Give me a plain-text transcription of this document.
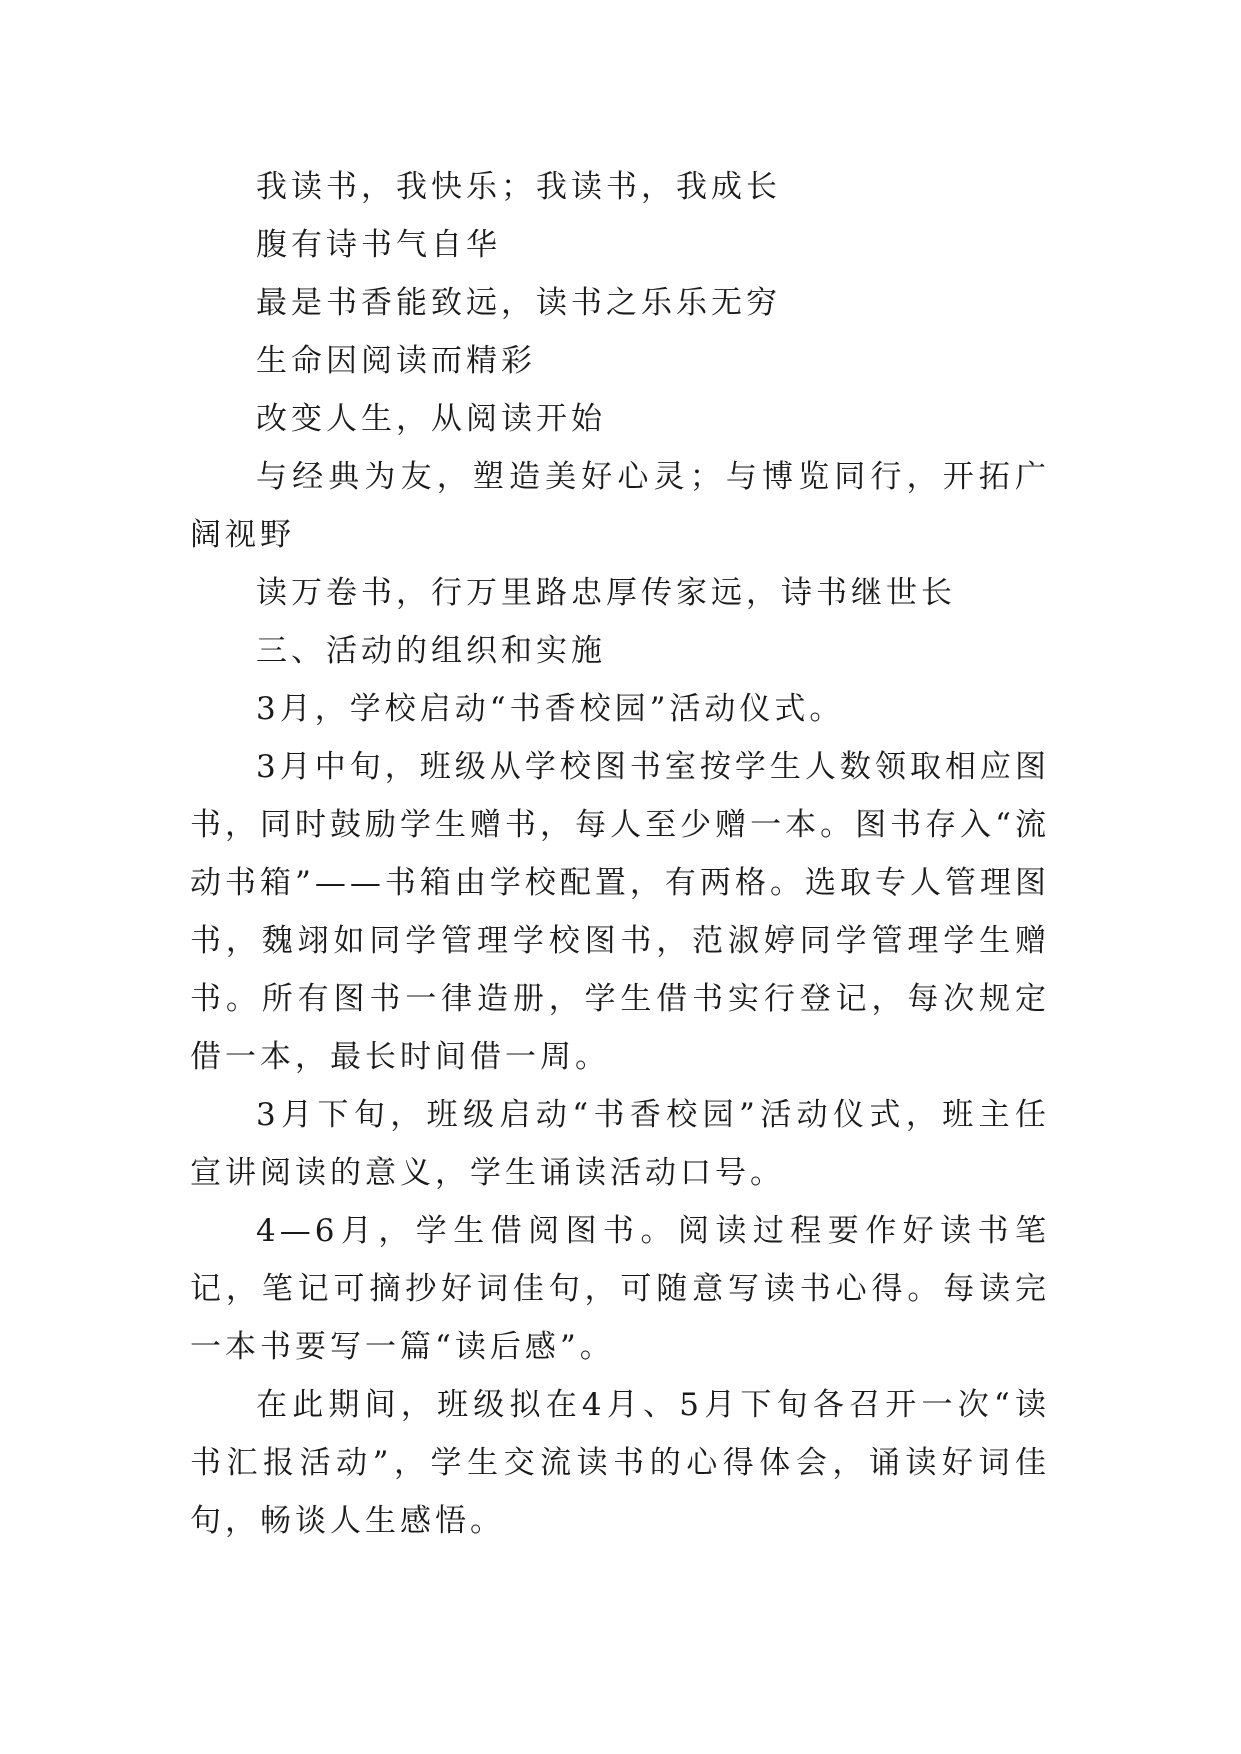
我读书，我快乐；我读书，我成长

腹有诗书气自华

最是书香能致远，读书之乐乐无穷

生命因阅读而精彩

改变人生，从阅读开始

与经典为友，塑造美好心灵；与博览同行，开拓广阔视野

读万卷书，行万里路忠厚传家远，诗书继世长

三、活动的组织和实施

3月，学校启动“书香校园”活动仪式。

3月中旬，班级从学校图书室按学生人数领取相应图书，同时鼓励学生赠书，每人至少赠一本。图书存入“流动书箱”——书箱由学校配置，有两格。选取专人管理图书，魏翊如同学管理学校图书，范淑婷同学管理学生赠书。所有图书一律造册，学生借书实行登记，每次规定借一本，最长时间借一周。

3月下旬，班级启动“书香校园”活动仪式，班主任宣讲阅读的意义，学生诵读活动口号。

4—6月，学生借阅图书。阅读过程要作好读书笔记，笔记可摘抄好词佳句，可随意写读书心得。每读完一本书要写一篇“读后感”。

在此期间，班级拟在4月、5月下旬各召开一次“读书汇报活动”，学生交流读书的心得体会，诵读好词佳句，畅谈人生感悟。
